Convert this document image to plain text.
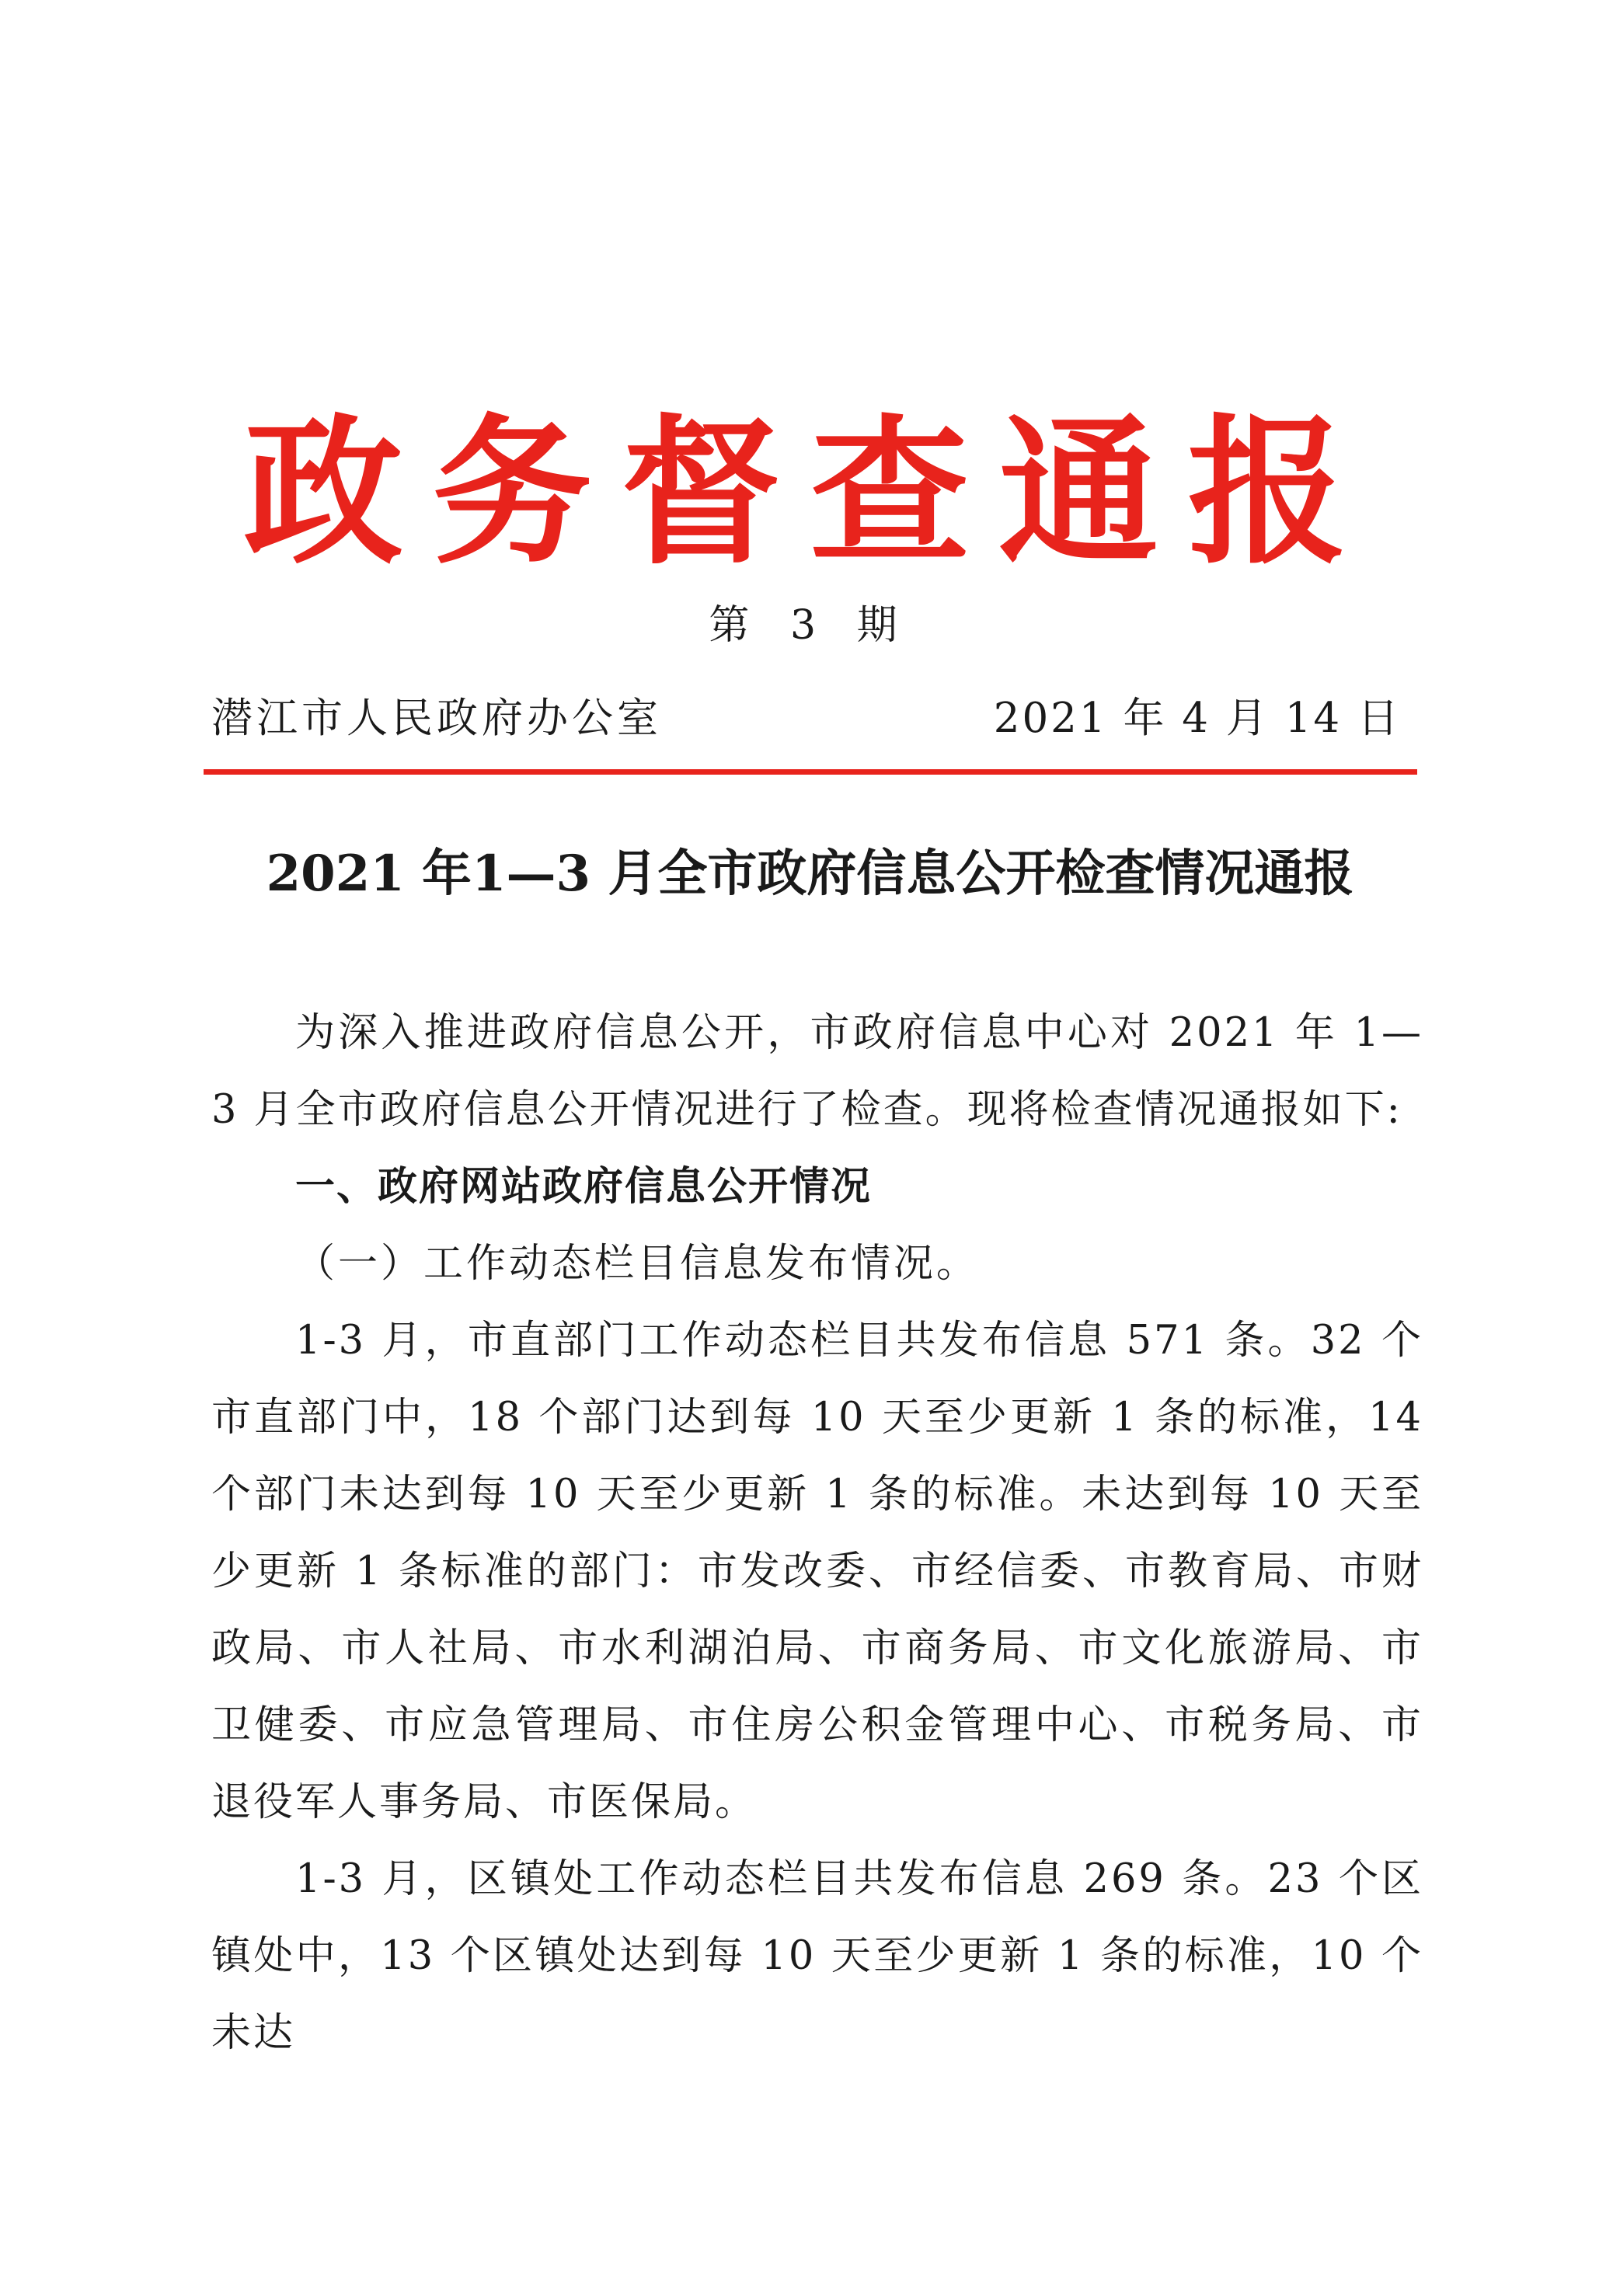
政务督查通报
第 3 期
潜江市人民政府办公室	2021 年 4 月 14 日
2021 年1—3 月全市政府信息公开检查情况通报

为深入推进政府信息公开，市政府信息中心对 2021 年 1—3 月全市政府信息公开情况进行了检查。现将检查情况通报如下:

一、政府网站政府信息公开情况

（一）工作动态栏目信息发布情况。

1-3 月，市直部门工作动态栏目共发布信息 571 条。32 个市直部门中，18 个部门达到每 10 天至少更新 1 条的标准，14 个部门未达到每 10 天至少更新 1 条的标准。未达到每 10 天至少更新 1 条标准的部门：市发改委、市经信委、市教育局、市财政局、市人社局、市水利湖泊局、市商务局、市文化旅游局、市卫健委、市应急管理局、市住房公积金管理中心、市税务局、市退役军人事务局、市医保局。

1-3 月，区镇处工作动态栏目共发布信息 269 条。23 个区镇处中，13 个区镇处达到每 10 天至少更新 1 条的标准，10 个未达
